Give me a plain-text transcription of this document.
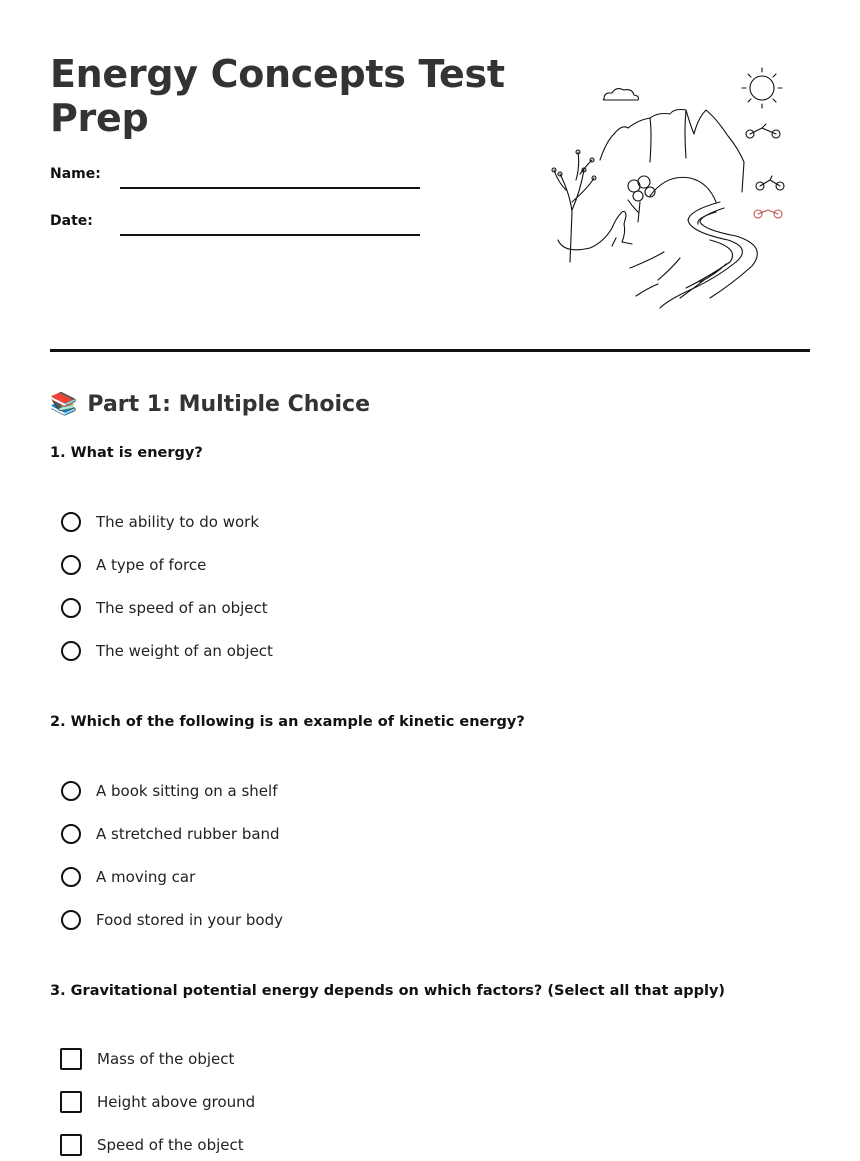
Energy Concepts Test Prep
Name:
Date:
📚 Part 1: Multiple Choice
1. What is energy?
The ability to do work
A type of force
The speed of an object
The weight of an object
2. Which of the following is an example of kinetic energy?
A book sitting on a shelf
A stretched rubber band
A moving car
Food stored in your body
3. Gravitational potential energy depends on which factors? (Select all that apply)
Mass of the object
Height above ground
Speed of the object
